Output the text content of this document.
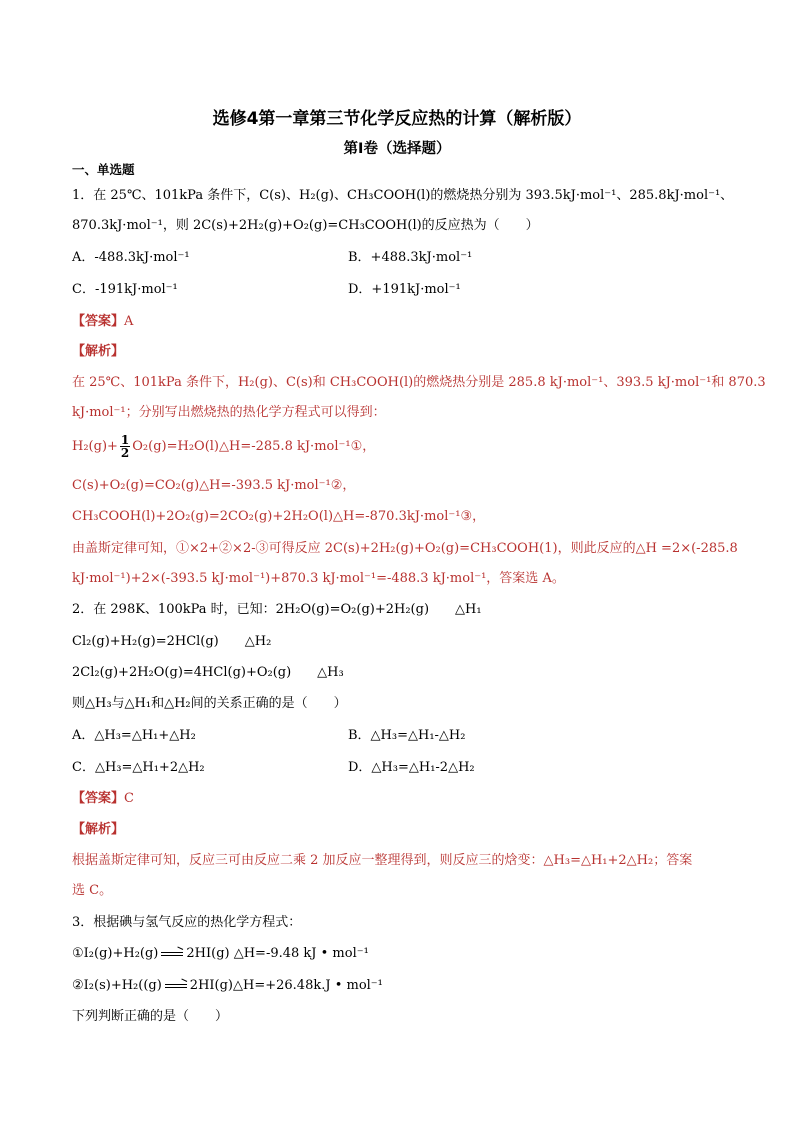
选修4第一章第三节化学反应热的计算（解析版）
第Ⅰ卷（选择题）
一、单选题
1．在 25℃、101kPa 条件下，C(s)、H₂(g)、CH₃COOH(l)的燃烧热分别为 393.5kJ·mol⁻¹、285.8kJ·mol⁻¹、
870.3kJ·mol⁻¹，则 2C(s)+2H₂(g)+O₂(g)=CH₃COOH(l)的反应热为（　　）
A．-488.3kJ·mol⁻¹	B．+488.3kJ·mol⁻¹
C．-191kJ·mol⁻¹	D．+191kJ·mol⁻¹
【答案】A
【解析】
在 25℃、101kPa 条件下，H₂(g)、C(s)和 CH₃COOH(l)的燃烧热分别是 285.8 kJ·mol⁻¹、393.5 kJ·mol⁻¹和 870.3
kJ·mol⁻¹；分别写出燃烧热的热化学方程式可以得到：
$H_2(g)+ \frac{1}{2}$ O₂(g)=H₂O(l)△H=-285.8 kJ·mol⁻¹①，
C(s)+O₂(g)=CO₂(g)△H=-393.5 kJ·mol⁻¹②，
CH₃COOH(l)+2O₂(g)=2CO₂(g)+2H₂O(l)△H=-870.3kJ·mol⁻¹③，
由盖斯定律可知，①×2+②×2-③可得反应 2C(s)+2H₂(g)+O₂(g)=CH₃COOH(1)，则此反应的△H =2×(-285.8
kJ·mol⁻¹)+2×(-393.5 kJ·mol⁻¹)+870.3 kJ·mol⁻¹=-488.3 kJ·mol⁻¹，答案选 A。
2．在 298K、100kPa 时，已知：2H₂O(g)=O₂(g)+2H₂(g)　　△H₁
Cl₂(g)+H₂(g)=2HCl(g)　　△H₂
2Cl₂(g)+2H₂O(g)=4HCl(g)+O₂(g)　　△H₃
则△H₃与△H₁和△H₂间的关系正确的是（　　）
A．△H₃=△H₁+△H₂	B．△H₃=△H₁-△H₂
C．△H₃=△H₁+2△H₂	D．△H₃=△H₁-2△H₂
【答案】C
【解析】
根据盖斯定律可知，反应三可由反应二乘 2 加反应一整理得到，则反应三的焓变：△H₃=△H₁+2△H₂；答案
选 C。
3．根据碘与氢气反应的热化学方程式：
①I₂(g)+H₂(g) → 2HI(g) △H=-9.48 kJ • mol⁻¹
②I₂(s)+H₂((g) → 2HI(g)△H=+26.48k.J • mol⁻¹
下列判断正确的是（　　）
